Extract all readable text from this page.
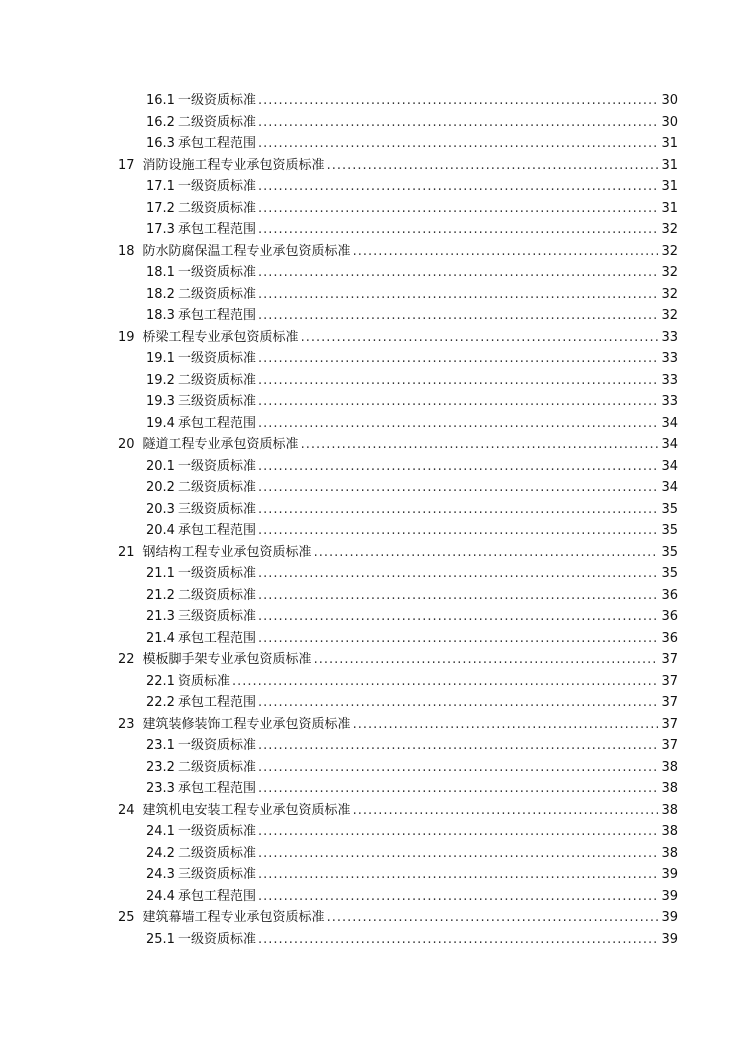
16.1 一级资质标准 .....	30
16.2 二级资质标准 .....	30
16.3 承包工程范围 .....	31
17 消防设施工程专业承包资质标准 .....	31
17.1 一级资质标准 .....	31
17.2 二级资质标准 .....	31
17.3 承包工程范围 .....	32
18 防水防腐保温工程专业承包资质标准 .....	32
18.1 一级资质标准 .....	32
18.2 二级资质标准 .....	32
18.3 承包工程范围 .....	32
19 桥梁工程专业承包资质标准 .....	33
19.1 一级资质标准 .....	33
19.2 二级资质标准 .....	33
19.3 三级资质标准 .....	33
19.4 承包工程范围 .....	34
20 隧道工程专业承包资质标准 .....	34
20.1 一级资质标准 .....	34
20.2 二级资质标准 .....	34
20.3 三级资质标准 .....	35
20.4 承包工程范围 .....	35
21 钢结构工程专业承包资质标准 .....	35
21.1 一级资质标准 .....	35
21.2 二级资质标准 .....	36
21.3 三级资质标准 .....	36
21.4 承包工程范围 .....	36
22 模板脚手架专业承包资质标准 .....	37
22.1 资质标准 .....	37
22.2 承包工程范围 .....	37
23 建筑装修装饰工程专业承包资质标准 .....	37
23.1 一级资质标准 .....	37
23.2 二级资质标准 .....	38
23.3 承包工程范围 .....	38
24 建筑机电安装工程专业承包资质标准 .....	38
24.1 一级资质标准 .....	38
24.2 二级资质标准 .....	38
24.3 三级资质标准 .....	39
24.4 承包工程范围 .....	39
25 建筑幕墙工程专业承包资质标准 .....	39
25.1 一级资质标准 .....	39
